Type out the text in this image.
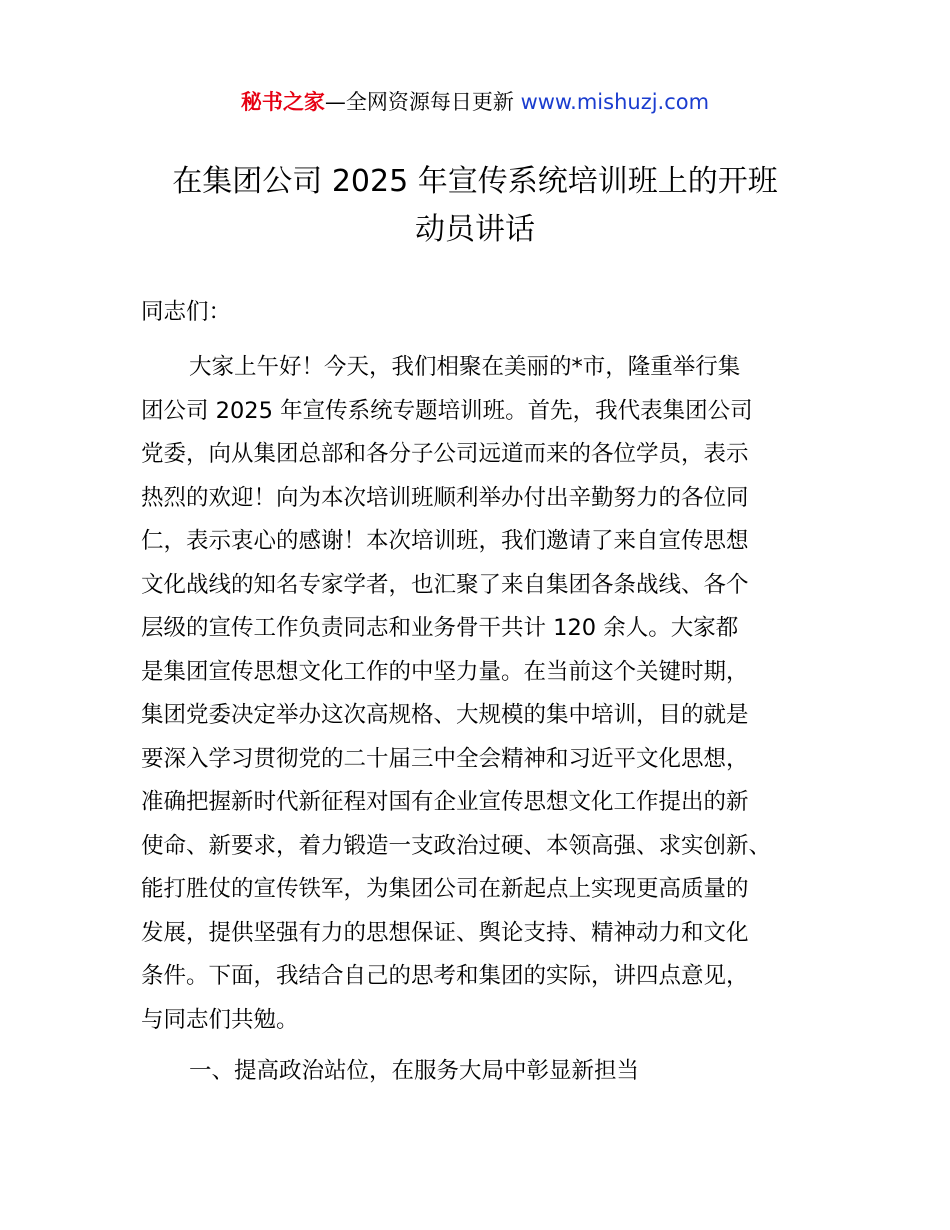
秘书之家—全网资源每日更新 www.mishuzj.com
在集团公司 2025 年宣传系统培训班上的开班
动员讲话
同志们：
大家上午好！今天，我们相聚在美丽的*市，隆重举行集
团公司 2025 年宣传系统专题培训班。首先，我代表集团公司
党委，向从集团总部和各分子公司远道而来的各位学员，表示
热烈的欢迎！向为本次培训班顺利举办付出辛勤努力的各位同
仁，表示衷心的感谢！本次培训班，我们邀请了来自宣传思想
文化战线的知名专家学者，也汇聚了来自集团各条战线、各个
层级的宣传工作负责同志和业务骨干共计 120 余人。大家都
是集团宣传思想文化工作的中坚力量。在当前这个关键时期，
集团党委决定举办这次高规格、大规模的集中培训，目的就是
要深入学习贯彻党的二十届三中全会精神和习近平文化思想，
准确把握新时代新征程对国有企业宣传思想文化工作提出的新
使命、新要求，着力锻造一支政治过硬、本领高强、求实创新、
能打胜仗的宣传铁军，为集团公司在新起点上实现更高质量的
发展，提供坚强有力的思想保证、舆论支持、精神动力和文化
条件。下面，我结合自己的思考和集团的实际，讲四点意见，
与同志们共勉。
一、提高政治站位，在服务大局中彰显新担当
